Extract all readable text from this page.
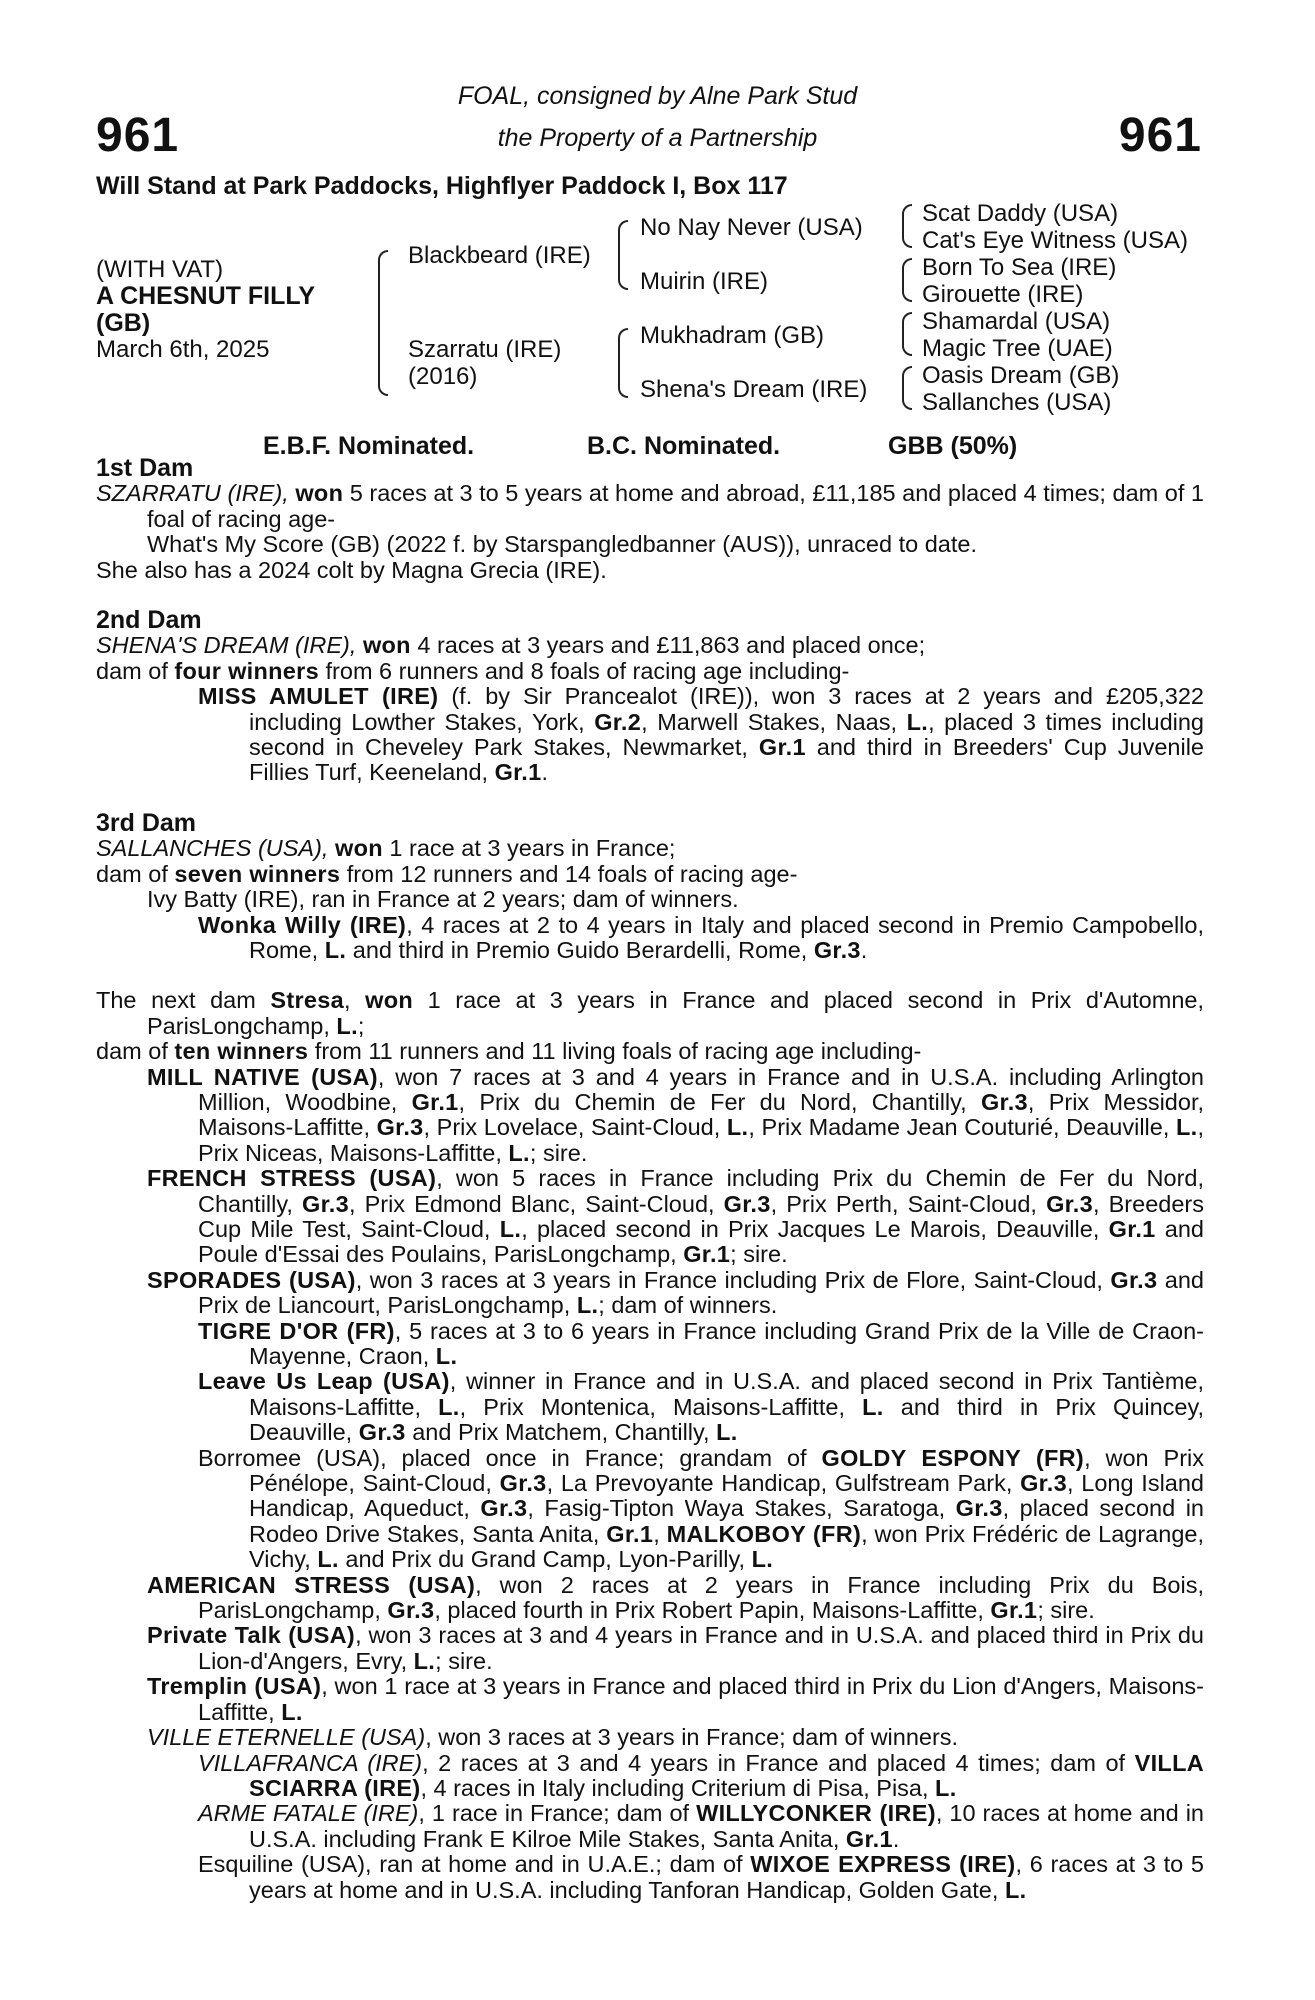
961	961
FOAL, consigned by Alne Park Stud
the Property of a Partnership
Will Stand at Park Paddocks, Highflyer Paddock I, Box 117
(WITH VAT)
A CHESNUT FILLY
(GB)
March 6th, 2025
Blackbeard (IRE)
Szarratu (IRE)
(2016)
No Nay Never (USA)
Muirin (IRE)
Mukhadram (GB)
Shena's Dream (IRE)
Scat Daddy (USA)
Cat's Eye Witness (USA)
Born To Sea (IRE)
Girouette (IRE)
Shamardal (USA)
Magic Tree (UAE)
Oasis Dream (GB)
Sallanches (USA)
E.B.F. Nominated.	B.C. Nominated.	GBB (50%)

1st Dam

SZARRATU (IRE), won 5 races at 3 to 5 years at home and abroad, £11,185 and placed 4 times; dam of 1 foal of racing age-

What's My Score (GB) (2022 f. by Starspangledbanner (AUS)), unraced to date.

She also has a 2024 colt by Magna Grecia (IRE).

2nd Dam

SHENA'S DREAM (IRE), won 4 races at 3 years and £11,863 and placed once;

dam of four winners from 6 runners and 8 foals of racing age including-

MISS AMULET (IRE) (f. by Sir Prancealot (IRE)), won 3 races at 2 years and £205,322 including Lowther Stakes, York, Gr.2, Marwell Stakes, Naas, L., placed 3 times including second in Cheveley Park Stakes, Newmarket, Gr.1 and third in Breeders' Cup Juvenile Fillies Turf, Keeneland, Gr.1.

3rd Dam

SALLANCHES (USA), won 1 race at 3 years in France;

dam of seven winners from 12 runners and 14 foals of racing age-

Ivy Batty (IRE), ran in France at 2 years; dam of winners.

Wonka Willy (IRE), 4 races at 2 to 4 years in Italy and placed second in Premio Campobello, Rome, L. and third in Premio Guido Berardelli, Rome, Gr.3.

The next dam Stresa, won 1 race at 3 years in France and placed second in Prix d'Automne, ParisLongchamp, L.;

dam of ten winners from 11 runners and 11 living foals of racing age including-

MILL NATIVE (USA), won 7 races at 3 and 4 years in France and in U.S.A. including Arlington Million, Woodbine, Gr.1, Prix du Chemin de Fer du Nord, Chantilly, Gr.3, Prix Messidor, Maisons-Laffitte, Gr.3, Prix Lovelace, Saint-Cloud, L., Prix Madame Jean Couturié, Deauville, L., Prix Niceas, Maisons-Laffitte, L.; sire.

FRENCH STRESS (USA), won 5 races in France including Prix du Chemin de Fer du Nord, Chantilly, Gr.3, Prix Edmond Blanc, Saint-Cloud, Gr.3, Prix Perth, Saint-Cloud, Gr.3, Breeders Cup Mile Test, Saint-Cloud, L., placed second in Prix Jacques Le Marois, Deauville, Gr.1 and Poule d'Essai des Poulains, ParisLongchamp, Gr.1; sire.

SPORADES (USA), won 3 races at 3 years in France including Prix de Flore, Saint-Cloud, Gr.3 and Prix de Liancourt, ParisLongchamp, L.; dam of winners.

TIGRE D'OR (FR), 5 races at 3 to 6 years in France including Grand Prix de la Ville de Craon-Mayenne, Craon, L.

Leave Us Leap (USA), winner in France and in U.S.A. and placed second in Prix Tantième, Maisons-Laffitte, L., Prix Montenica, Maisons-Laffitte, L. and third in Prix Quincey, Deauville, Gr.3 and Prix Matchem, Chantilly, L.

Borromee (USA), placed once in France; grandam of GOLDY ESPONY (FR), won Prix Pénélope, Saint-Cloud, Gr.3, La Prevoyante Handicap, Gulfstream Park, Gr.3, Long Island Handicap, Aqueduct, Gr.3, Fasig-Tipton Waya Stakes, Saratoga, Gr.3, placed second in Rodeo Drive Stakes, Santa Anita, Gr.1, MALKOBOY (FR), won Prix Frédéric de Lagrange, Vichy, L. and Prix du Grand Camp, Lyon-Parilly, L.

AMERICAN STRESS (USA), won 2 races at 2 years in France including Prix du Bois, ParisLongchamp, Gr.3, placed fourth in Prix Robert Papin, Maisons-Laffitte, Gr.1; sire.

Private Talk (USA), won 3 races at 3 and 4 years in France and in U.S.A. and placed third in Prix du Lion-d'Angers, Evry, L.; sire.

Tremplin (USA), won 1 race at 3 years in France and placed third in Prix du Lion d'Angers, Maisons-Laffitte, L.

VILLE ETERNELLE (USA), won 3 races at 3 years in France; dam of winners.

VILLAFRANCA (IRE), 2 races at 3 and 4 years in France and placed 4 times; dam of VILLA SCIARRA (IRE), 4 races in Italy including Criterium di Pisa, Pisa, L.

ARME FATALE (IRE), 1 race in France; dam of WILLYCONKER (IRE), 10 races at home and in U.S.A. including Frank E Kilroe Mile Stakes, Santa Anita, Gr.1.

Esquiline (USA), ran at home and in U.A.E.; dam of WIXOE EXPRESS (IRE), 6 races at 3 to 5 years at home and in U.S.A. including Tanforan Handicap, Golden Gate, L.
